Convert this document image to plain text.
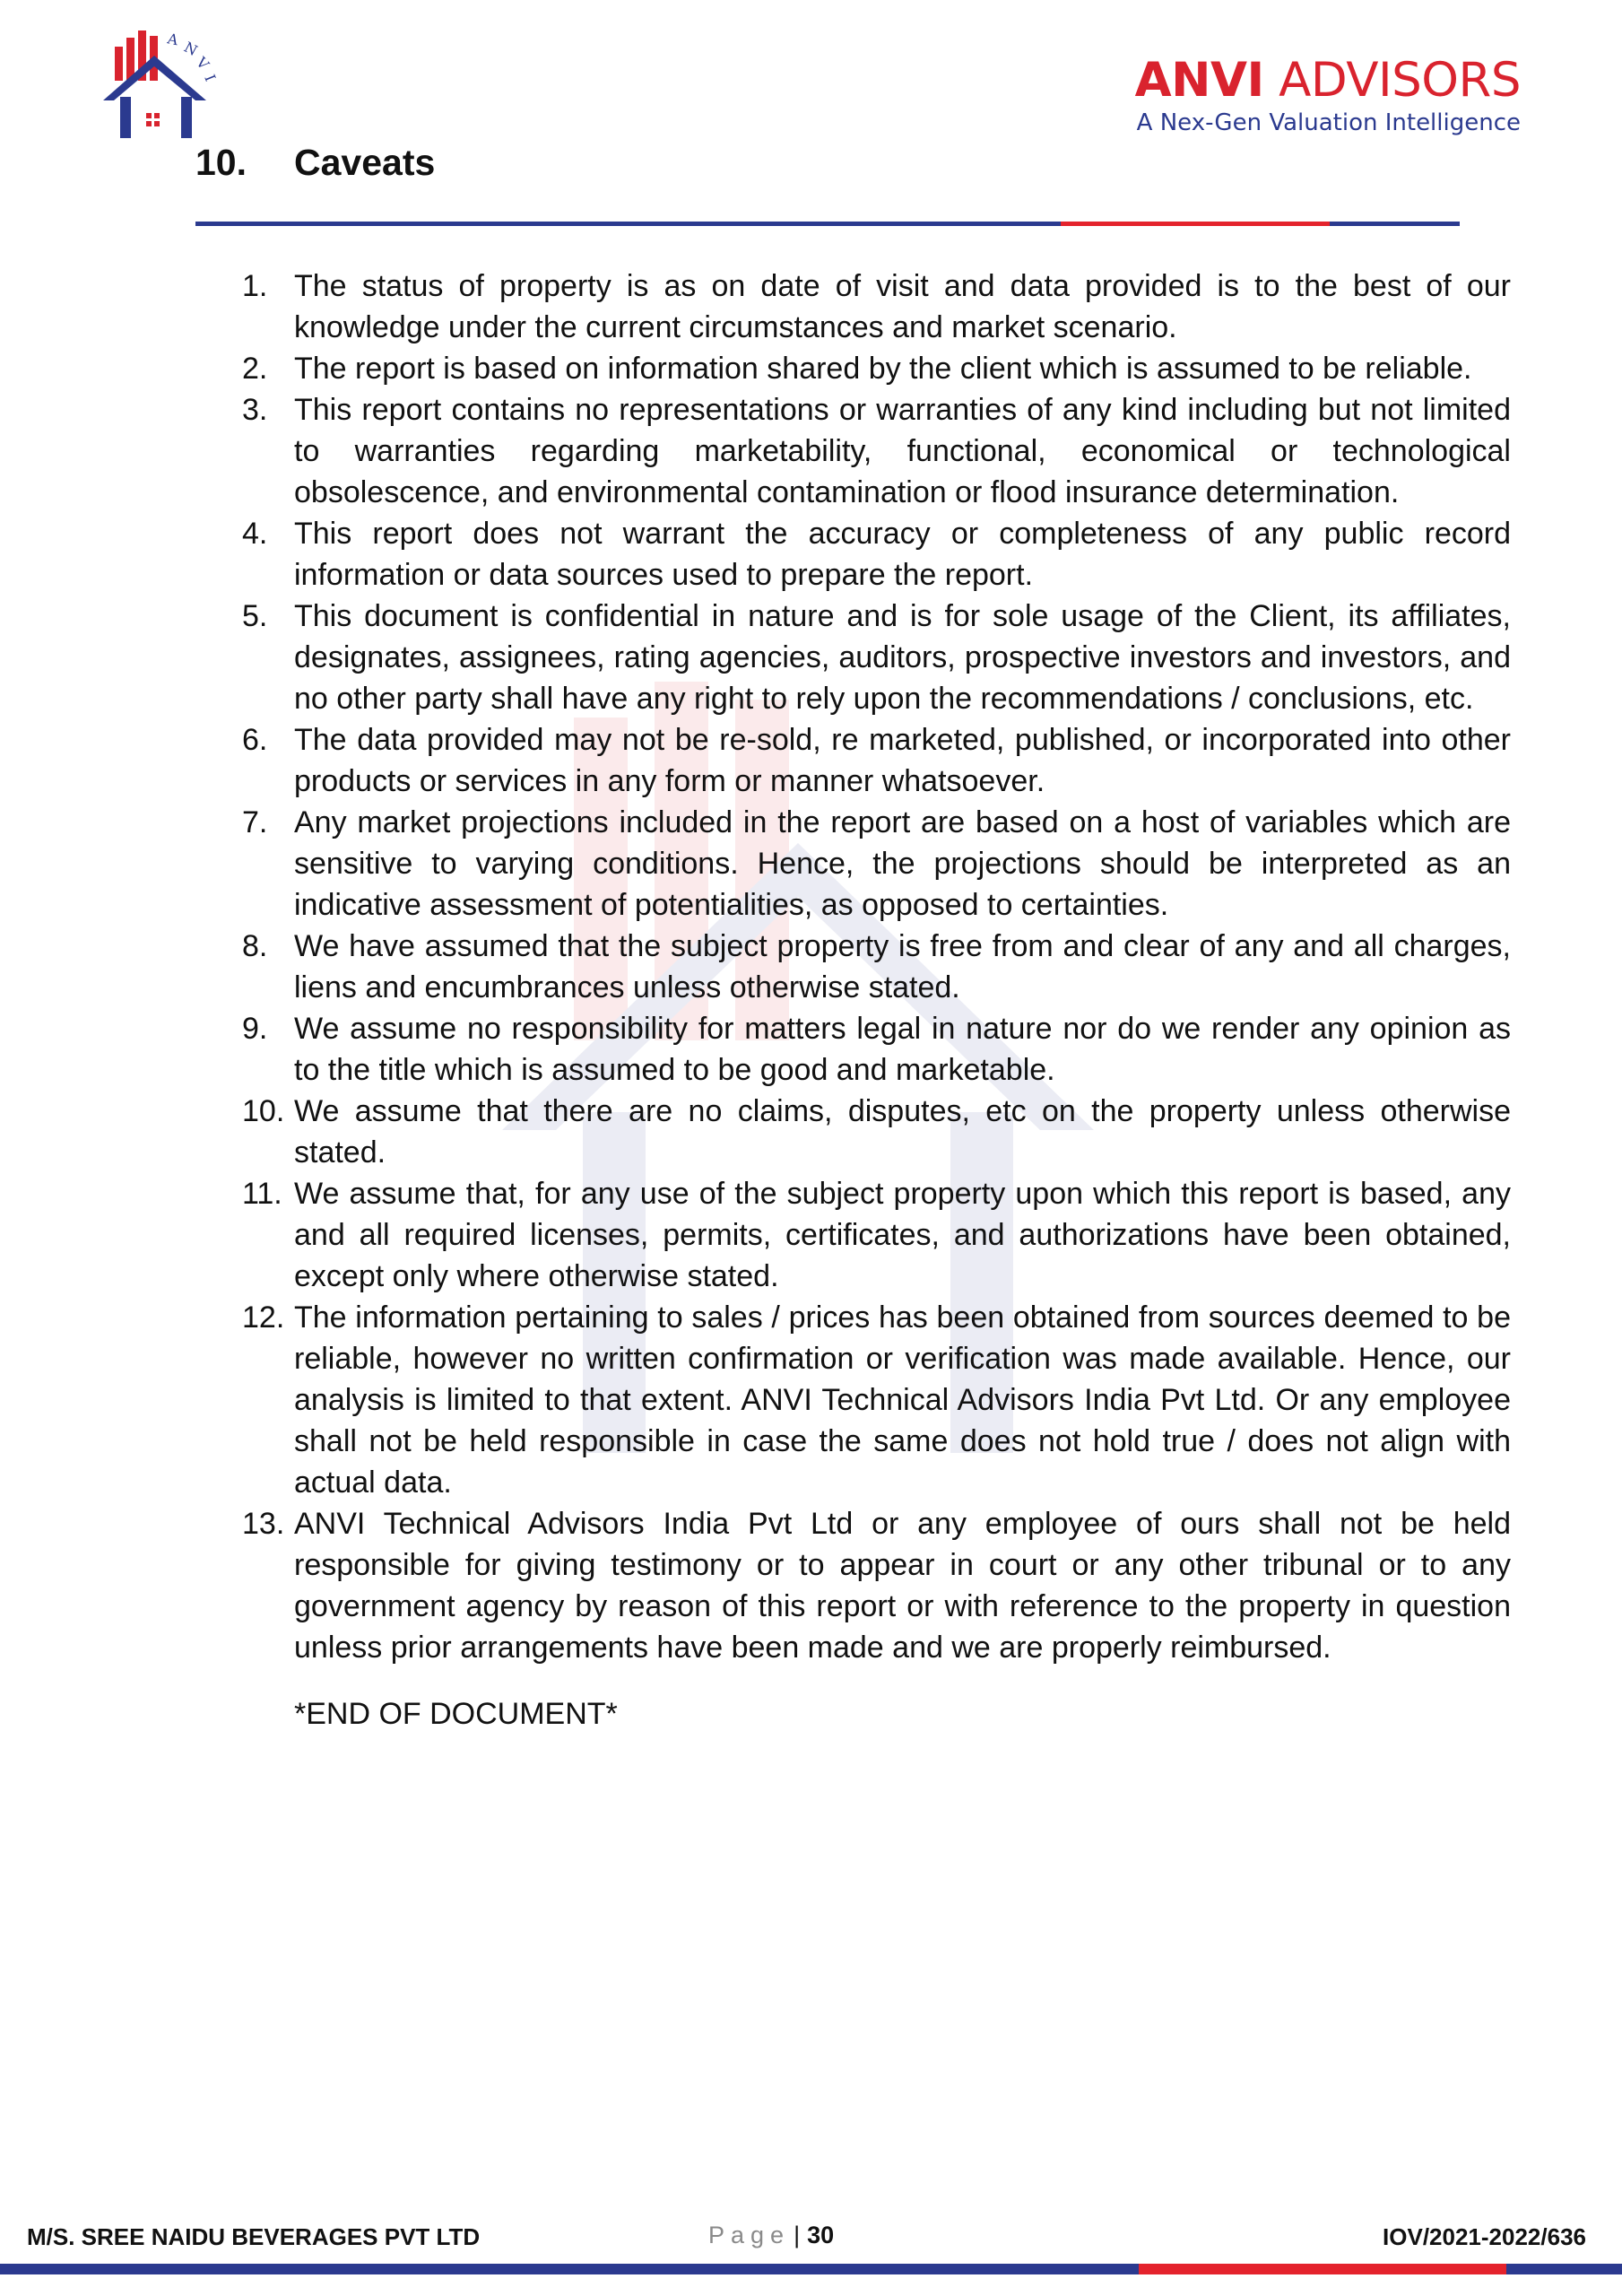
A N
V
I	ANVI ADVISORS
A Nex-Gen Valuation Intelligence
10. Caveats
1. The status of property is as on date of visit and data provided is to the best of our knowledge under the current circumstances and market scenario.
2. The report is based on information shared by the client which is assumed to be reliable.
3. This report contains no representations or warranties of any kind including but not limited to warranties regarding marketability, functional, economical or technological obsolescence, and environmental contamination or flood insurance determination.
4. This report does not warrant the accuracy or completeness of any public record information or data sources used to prepare the report.
5. This document is confidential in nature and is for sole usage of the Client, its affiliates, designates, assignees, rating agencies, auditors, prospective investors and investors, and no other party shall have any right to rely upon the recommendations / conclusions, etc.
6. The data provided may not be re-sold, re marketed, published, or incorporated into other products or services in any form or manner whatsoever.
7. Any market projections included in the report are based on a host of variables which are sensitive to varying conditions. Hence, the projections should be interpreted as an indicative assessment of potentialities, as opposed to certainties.
8. We have assumed that the subject property is free from and clear of any and all charges, liens and encumbrances unless otherwise stated.
9. We assume no responsibility for matters legal in nature nor do we render any opinion as to the title which is assumed to be good and marketable.
10. We assume that there are no claims, disputes, etc on the property unless otherwise stated.
11. We assume that, for any use of the subject property upon which this report is based, any and all required licenses, permits, certificates, and authorizations have been obtained, except only where otherwise stated.
12. The information pertaining to sales / prices has been obtained from sources deemed to be reliable, however no written confirmation or verification was made available. Hence, our analysis is limited to that extent. ANVI Technical Advisors India Pvt Ltd. Or any employee shall not be held responsible in case the same does not hold true / does not align with actual data.
13. ANVI Technical Advisors India Pvt Ltd or any employee of ours shall not be held responsible for giving testimony or to appear in court or any other tribunal or to any government agency by reason of this report or with reference to the property in question unless prior arrangements have been made and we are properly reimbursed.
*END OF DOCUMENT*
M/S. SREE NAIDU BEVERAGES PVT LTD	Page | 30	IOV/2021-2022/636
